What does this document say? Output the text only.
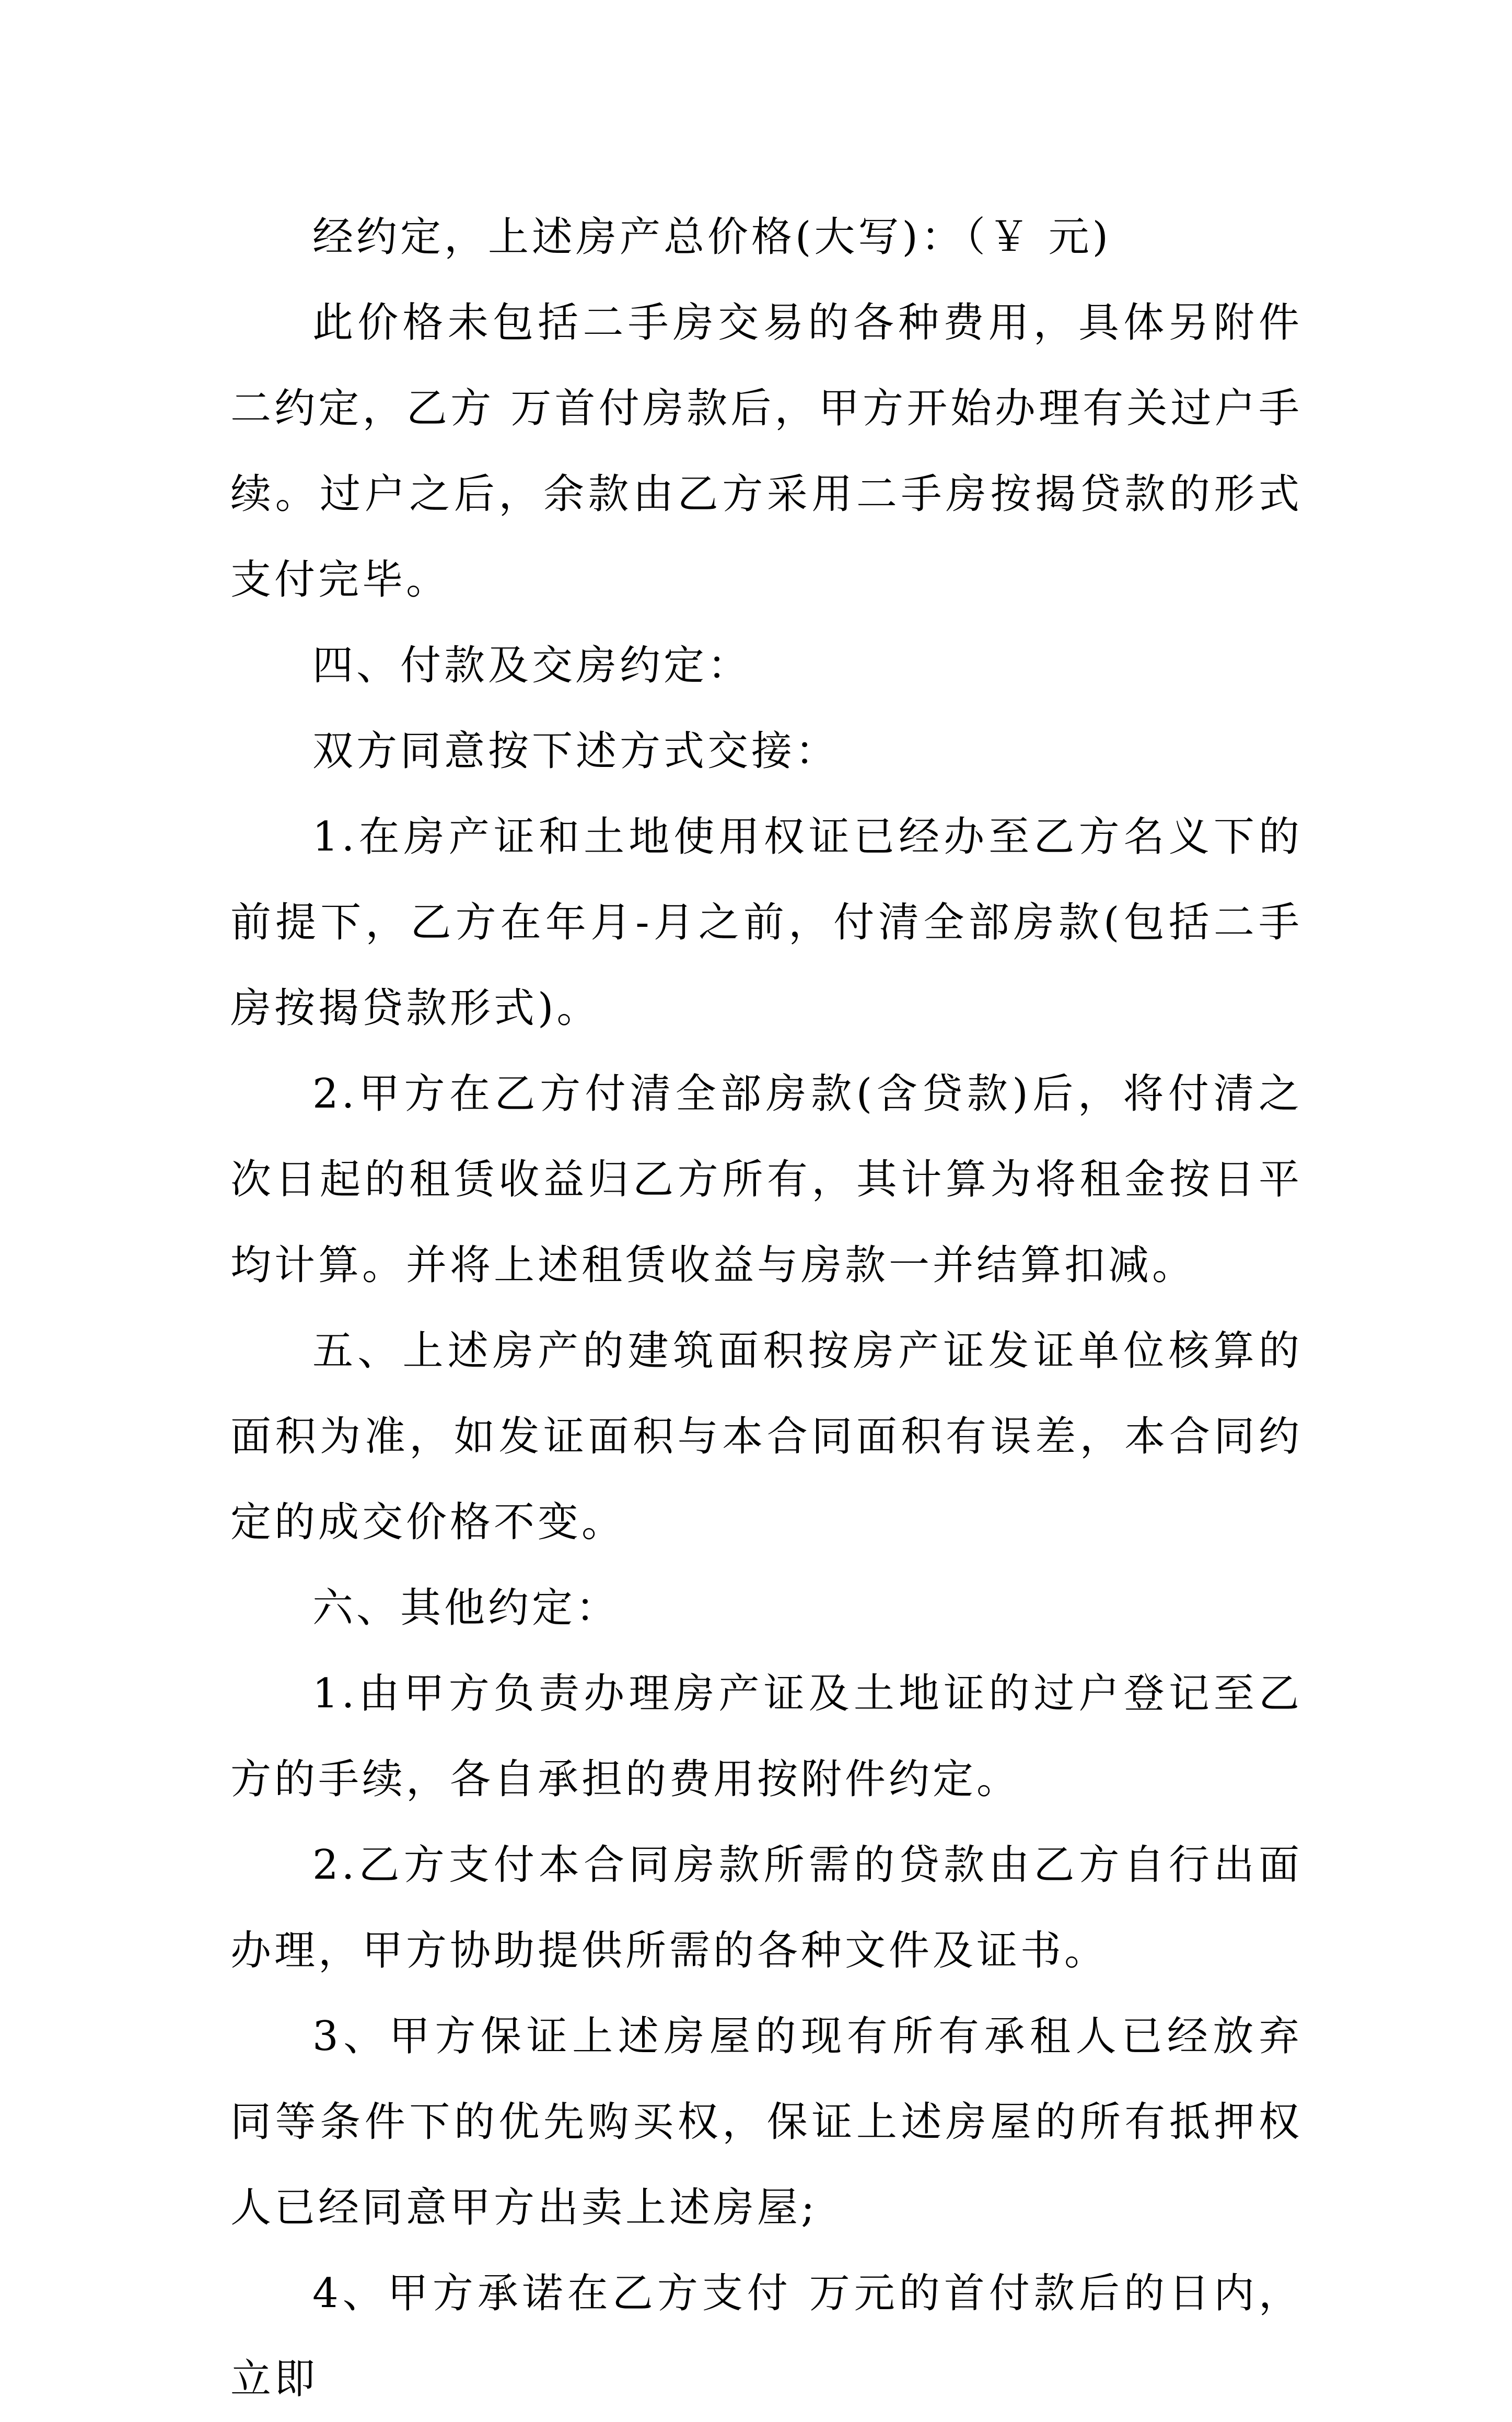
经约定，上述房产总价格(大写)：（￥ 元)

此价格未包括二手房交易的各种费用，具体另附件二约定，乙方 万首付房款后，甲方开始办理有关过户手续。过户之后，余款由乙方采用二手房按揭贷款的形式支付完毕。

四、付款及交房约定：

双方同意按下述方式交接：

1.在房产证和土地使用权证已经办至乙方名义下的前提下，乙方在年月-月之前，付清全部房款(包括二手房按揭贷款形式)。

2.甲方在乙方付清全部房款(含贷款)后，将付清之次日起的租赁收益归乙方所有，其计算为将租金按日平均计算。并将上述租赁收益与房款一并结算扣减。

五、上述房产的建筑面积按房产证发证单位核算的面积为准，如发证面积与本合同面积有误差，本合同约定的成交价格不变。

六、其他约定：

1.由甲方负责办理房产证及土地证的过户登记至乙方的手续，各自承担的费用按附件约定。

2.乙方支付本合同房款所需的贷款由乙方自行出面办理，甲方协助提供所需的各种文件及证书。

3、甲方保证上述房屋的现有所有承租人已经放弃同等条件下的优先购买权，保证上述房屋的所有抵押权人已经同意甲方出卖上述房屋;

4、甲方承诺在乙方支付 万元的首付款后的日内，立即
